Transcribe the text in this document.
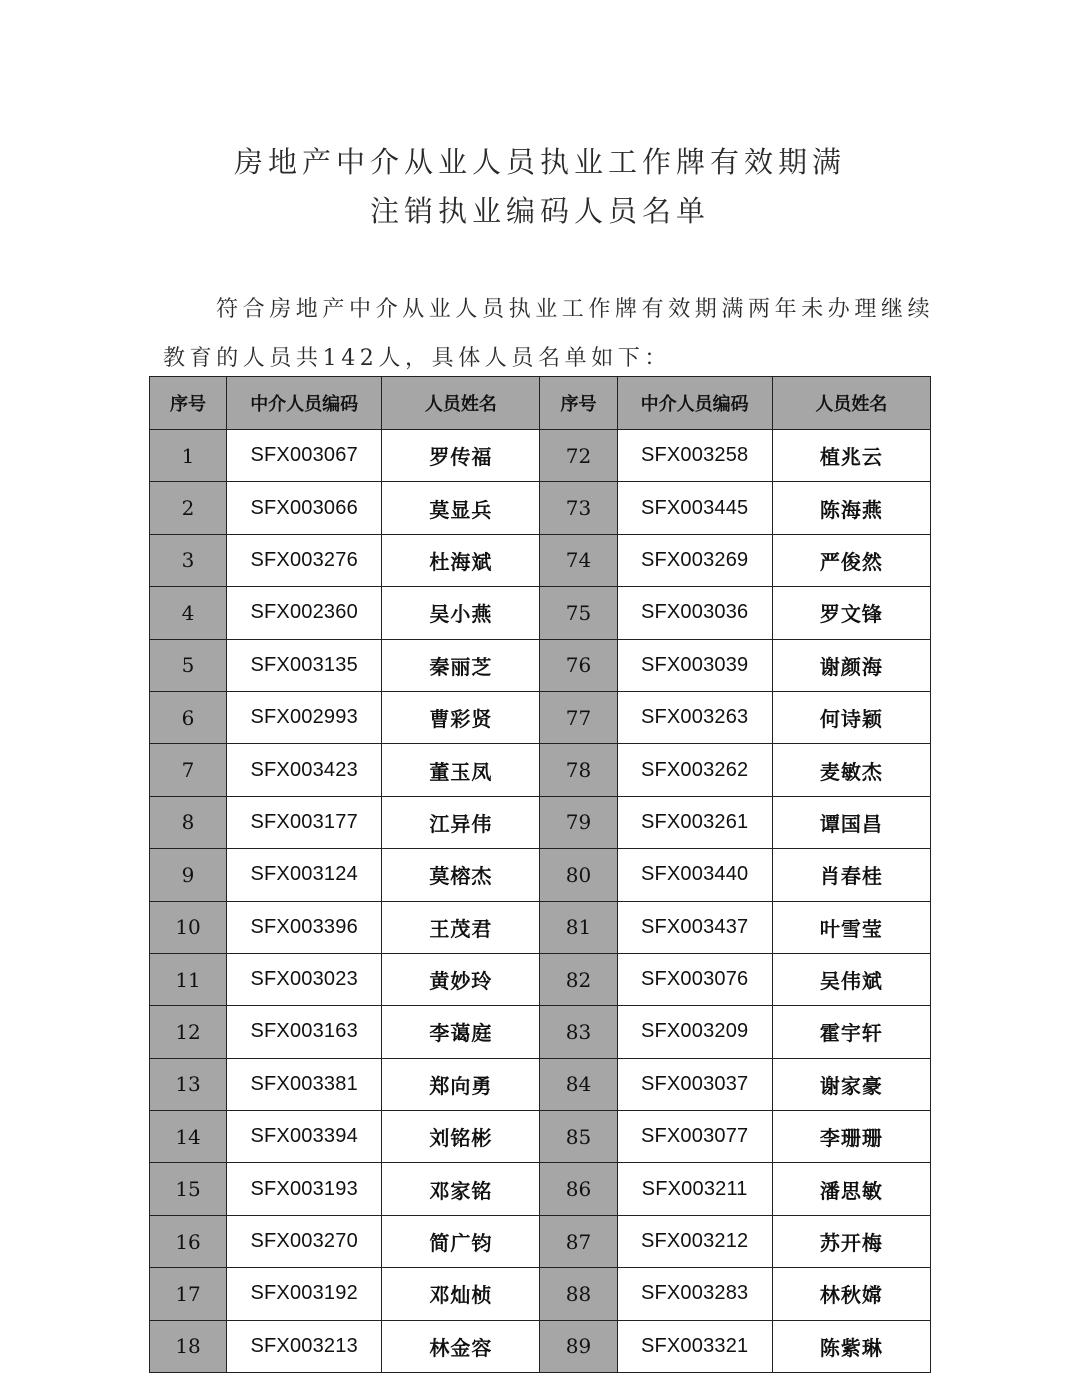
房地产中介从业人员执业工作牌有效期满
注销执业编码人员名单
符合房地产中介从业人员执业工作牌有效期满两年未办理继续
教育的人员共142人，具体人员名单如下：
序号	中介人员编码	人员姓名	序号	中介人员编码	人员姓名
1	SFX003067	罗传福	72	SFX003258	植兆云
2	SFX003066	莫显兵	73	SFX003445	陈海燕
3	SFX003276	杜海斌	74	SFX003269	严俊然
4	SFX002360	吴小燕	75	SFX003036	罗文锋
5	SFX003135	秦丽芝	76	SFX003039	谢颜海
6	SFX002993	曹彩贤	77	SFX003263	何诗颖
7	SFX003423	董玉凤	78	SFX003262	麦敏杰
8	SFX003177	江异伟	79	SFX003261	谭国昌
9	SFX003124	莫榕杰	80	SFX003440	肖春桂
10	SFX003396	王茂君	81	SFX003437	叶雪莹
11	SFX003023	黄妙玲	82	SFX003076	吴伟斌
12	SFX003163	李蔼庭	83	SFX003209	霍宇轩
13	SFX003381	郑向勇	84	SFX003037	谢家豪
14	SFX003394	刘铭彬	85	SFX003077	李珊珊
15	SFX003193	邓家铭	86	SFX003211	潘思敏
16	SFX003270	简广钧	87	SFX003212	苏开梅
17	SFX003192	邓灿桢	88	SFX003283	林秋嫦
18	SFX003213	林金容	89	SFX003321	陈紫琳
